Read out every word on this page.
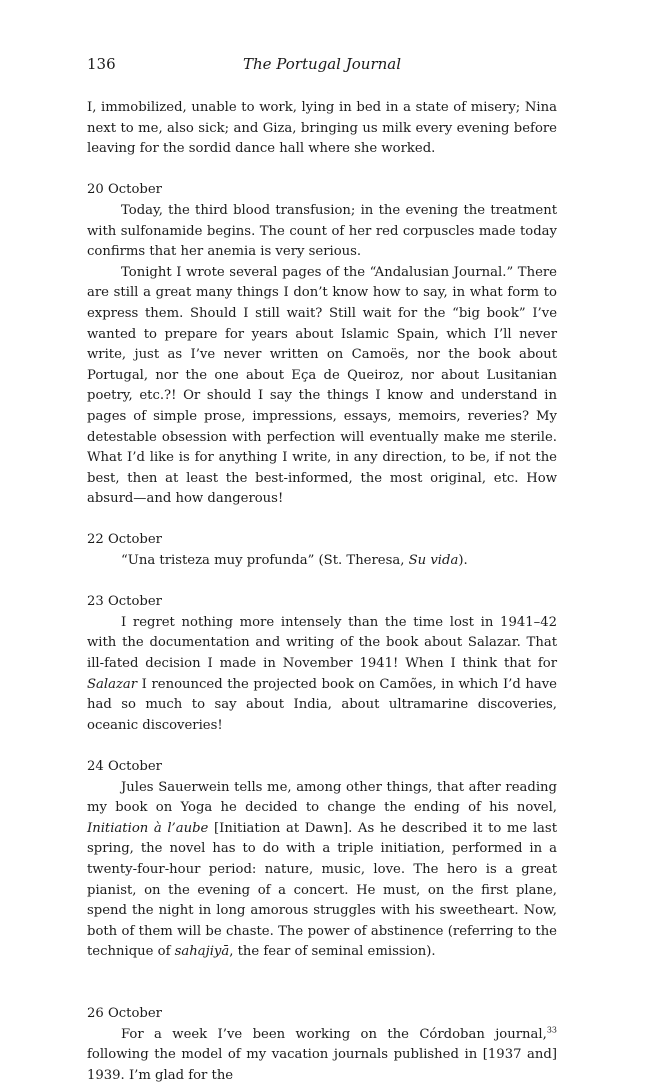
136	The Portugal Journal

I, immobilized, unable to work, lying in bed in a state of misery; Nina next to me, also sick; and Giza, bringing us milk every evening before leaving for the sordid dance hall where she worked.

20 October

Today, the third blood transfusion; in the evening the treatment with sulfonamide begins. The count of her red corpuscles made today confirms that her anemia is very serious.

Tonight I wrote several pages of the “Andalusian Journal.” There are still a great many things I don’t know how to say, in what form to express them. Should I still wait? Still wait for the “big book” I’ve wanted to prepare for years about Islamic Spain, which I’ll never write, just as I’ve never written on Camoës, nor the book about Portugal, nor the one about Eça de Queiroz, nor about Lusitanian poetry, etc.?! Or should I say the things I know and understand in pages of simple prose, impressions, essays, memoirs, reveries? My detestable obsession with perfection will eventually make me sterile. What I’d like is for anything I write, in any direction, to be, if not the best, then at least the best-informed, the most original, etc. How absurd—and how dangerous!

22 October

“Una tristeza muy profunda” (St. Theresa, Su vida).

23 October

I regret nothing more intensely than the time lost in 1941–42 with the documentation and writing of the book about Salazar. That ill-fated decision I made in November 1941! When I think that for Salazar I renounced the projected book on Camões, in which I’d have had so much to say about India, about ultramarine discoveries, oceanic discoveries!

24 October

Jules Sauerwein tells me, among other things, that after reading my book on Yoga he decided to change the ending of his novel, Initiation à l’aube [Initiation at Dawn]. As he described it to me last spring, the novel has to do with a triple initiation, performed in a twenty-four-hour period: nature, music, love. The hero is a great pianist, on the evening of a concert. He must, on the first plane, spend the night in long amorous struggles with his sweetheart. Now, both of them will be chaste. The power of abstinence (referring to the technique of sahajiyā, the fear of seminal emission).

26 October

For a week I’ve been working on the Córdoban journal,$^{33}$ following the model of my vacation journals published in [1937 and] 1939. I’m glad for the
